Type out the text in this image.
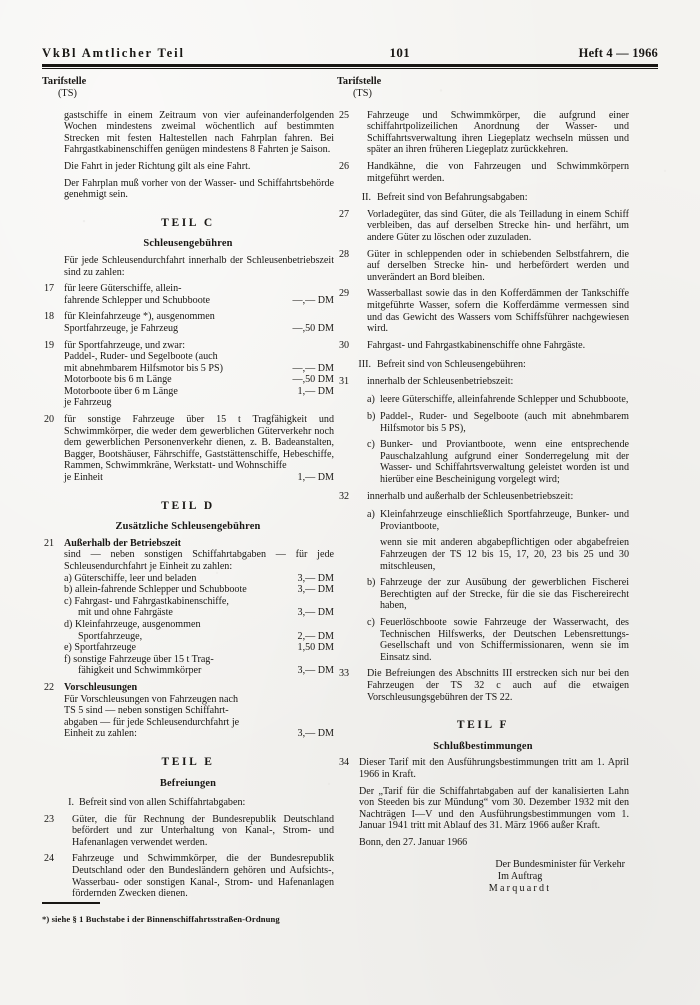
VkBl Amtlicher Teil	101	Heft 4 — 1966
Tarifstelle
(TS)
gastschiffe in einem Zeitraum von vier aufeinanderfolgenden Wochen mindestens zweimal wöchentlich auf bestimmten Strecken mit festen Haltestellen nach Fahrplan fahren. Bei Fahrgastkabinenschiffen genügen mindestens 8 Fahrten je Saison.
Die Fahrt in jeder Richtung gilt als eine Fahrt.
Der Fahrplan muß vorher von der Wasser- und Schiffahrtsbehörde genehmigt sein.
TEIL C
Schleusengebühren
Für jede Schleusendurchfahrt innerhalb der Schleusenbetriebszeit sind zu zahlen:
17 für leere Güterschiffe, allein-
fahrende Schlepper und Schubboote	—,— DM
18 für Kleinfahrzeuge *), ausgenommen
Sportfahrzeuge, je Fahrzeug	—,50 DM
19 für Sportfahrzeuge, und zwar:
Paddel-, Ruder- und Segelboote (auch
mit abnehmbarem Hilfsmotor bis 5 PS)	—,— DM
Motorboote bis 6 m Länge	—,50 DM
Motorboote über 6 m Länge	1,— DM
je Fahrzeug
20 für sonstige Fahrzeuge über 15 t Tragfähigkeit und Schwimmkörper, die weder dem gewerblichen Güterverkehr noch dem gewerblichen Personenverkehr dienen, z. B. Badeanstalten, Bagger, Bootshäuser, Fährschiffe, Gaststättenschiffe, Hebeschiffe, Rammen, Schwimmkräne, Werkstatt- und Wohnschiffe
je Einheit	1,— DM
TEIL D
Zusätzliche Schleusengebühren
21 Außerhalb der Betriebszeit
sind — neben sonstigen Schiffahrtabgaben — für jede Schleusendurchfahrt je Einheit zu zahlen:
a) Güterschiffe, leer und beladen	3,— DM
b) allein-fahrende Schlepper und Schubboote	3,— DM
c) Fahrgast- und Fahrgastkabinenschiffe,
mit und ohne Fahrgäste	3,— DM
d) Kleinfahrzeuge, ausgenommen
Sportfahrzeuge,	2,— DM
e) Sportfahrzeuge	1,50 DM
f) sonstige Fahrzeuge über 15 t Trag-
fähigkeit und Schwimmkörper	3,— DM
22 Vorschleusungen
Für Vorschleusungen von Fahrzeugen nach
TS 5 sind — neben sonstigen Schiffahrt-
abgaben — für jede Schleusendurchfahrt je
Einheit zu zahlen:	3,— DM
TEIL E
Befreiungen
I. Befreit sind von allen Schiffahrtabgaben:
23	Güter, die für Rechnung der Bundesrepublik Deutschland befördert und zur Unterhaltung von Kanal-, Strom- und Hafenanlagen verwendet werden.
24	Fahrzeuge und Schwimmkörper, die der Bundesrepublik Deutschland oder den Bundesländern gehören und Aufsichts-, Wasserbau- oder sonstigen Kanal-, Strom- und Hafenanlagen fördernden Zwecken dienen.
*) siehe § 1 Buchstabe i der Binnenschiffahrtsstraßen-Ordnung
Tarifstelle
(TS)
25	Fahrzeuge und Schwimmkörper, die aufgrund einer schiffahrtpolizeilichen Anordnung der Wasser- und Schiffahrtsverwaltung ihren Liegeplatz wechseln müssen und später an ihren früheren Liegeplatz zurückkehren.
26	Handkähne, die von Fahrzeugen und Schwimmkörpern mitgeführt werden.
II. Befreit sind von Befahrungsabgaben:
27	Vorladegüter, das sind Güter, die als Teilladung in einem Schiff verbleiben, das auf derselben Strecke hin- und herfährt, um andere Güter zu löschen oder zuzuladen.
28	Güter in schleppenden oder in schiebenden Selbstfahrern, die auf derselben Strecke hin- und herbefördert werden und unverändert an Bord bleiben.
29	Wasserballast sowie das in den Kofferdämmen der Tankschiffe mitgeführte Wasser, sofern die Kofferdämme vermessen sind und das Gewicht des Wassers vom Schiffsführer nachgewiesen wird.
30	Fahrgast- und Fahrgastkabinenschiffe ohne Fahrgäste.
III. Befreit sind von Schleusengebühren:
31	innerhalb der Schleusenbetriebszeit:
a) leere Güterschiffe, alleinfahrende Schlepper und Schubboote,
b) Paddel-, Ruder- und Segelboote (auch mit abnehmbarem Hilfsmotor bis 5 PS),
c) Bunker- und Proviantboote, wenn eine entsprechende Pauschalzahlung aufgrund einer Sonderregelung mit der Wasser- und Schiffahrtsverwaltung geleistet worden ist und hierüber eine Bescheinigung vorgelegt wird;
32	innerhalb und außerhalb der Schleusenbetriebszeit:
a) Kleinfahrzeuge einschließlich Sportfahrzeuge, Bunker- und Proviantboote,
wenn sie mit anderen abgabepflichtigen oder abgabefreien Fahrzeugen der TS 12 bis 15, 17, 20, 23 bis 25 und 30 mitschleusen,
b) Fahrzeuge der zur Ausübung der gewerblichen Fischerei Berechtigten auf der Strecke, für die sie das Fischereirecht haben,
c) Feuerlöschboote sowie Fahrzeuge der Wasserwacht, des Technischen Hilfswerks, der Deutschen Lebensrettungs-Gesellschaft und von Schiffermissionaren, wenn sie im Einsatz sind.
33	Die Befreiungen des Abschnitts III erstrecken sich nur bei den Fahrzeugen der TS 32 c auch auf die etwaigen Vorschleusungsgebühren der TS 22.
TEIL F
Schlußbestimmungen
34 Dieser Tarif mit den Ausführungsbestimmungen tritt am 1. April 1966 in Kraft.
Der „Tarif für die Schiffahrtabgaben auf der kanalisierten Lahn von Steeden bis zur Mündung“ vom 30. Dezember 1932 mit den Nachträgen I—V und den Ausführungsbestimmungen vom 1. Januar 1941 tritt mit Ablauf des 31. März 1966 außer Kraft.
Bonn, den 27. Januar 1966
Der Bundesminister für Verkehr
Im Auftrag
Marquardt
